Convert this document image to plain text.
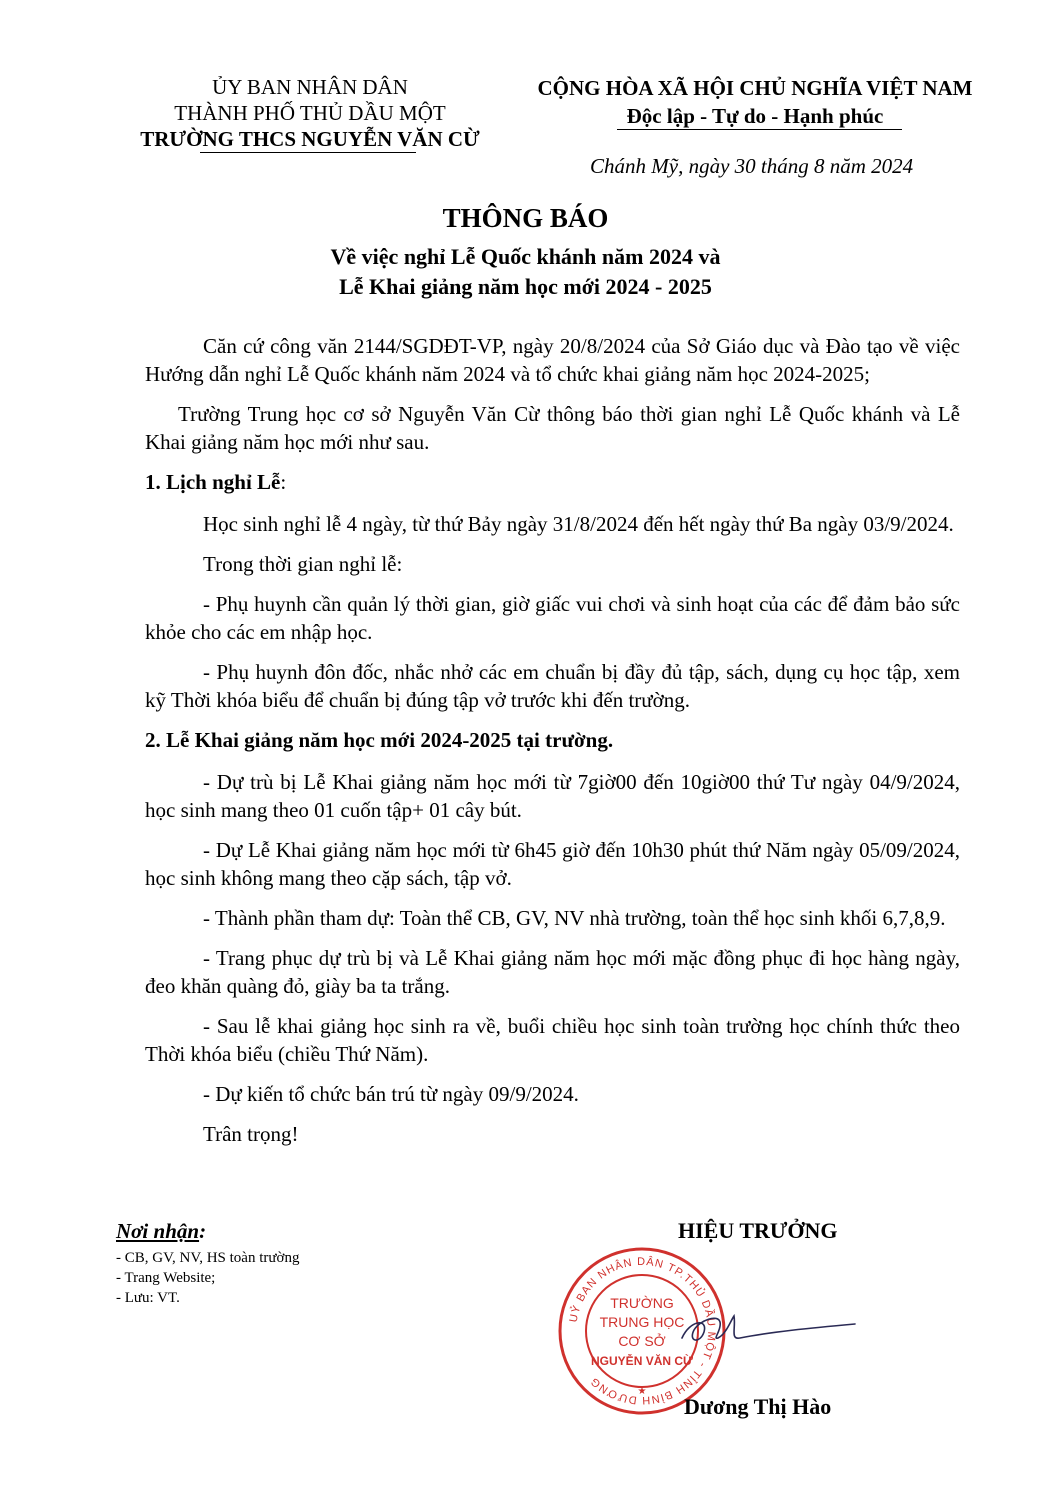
ỦY BAN NHÂN DÂN
THÀNH PHỐ THỦ DẦU MỘT
TRƯỜNG THCS NGUYỄN VĂN CỪ
CỘNG HÒA XÃ HỘI CHỦ NGHĨA VIỆT NAM
Độc lập - Tự do - Hạnh phúc
Chánh Mỹ, ngày 30 tháng 8 năm 2024
THÔNG BÁO
Về việc nghỉ Lễ Quốc khánh năm 2024 và
Lễ Khai giảng năm học mới 2024 - 2025

Căn cứ công văn 2144/SGDĐT-VP, ngày 20/8/2024 của Sở Giáo dục và Đào tạo về việc Hướng dẫn nghỉ Lễ Quốc khánh năm 2024 và tổ chức khai giảng năm học 2024-2025;

Trường Trung học cơ sở Nguyễn Văn Cừ thông báo thời gian nghỉ Lễ Quốc khánh và Lễ Khai giảng năm học mới như sau.

1. Lịch nghỉ Lễ:

Học sinh nghỉ lễ 4 ngày, từ thứ Bảy ngày 31/8/2024 đến hết ngày thứ Ba ngày 03/9/2024.

Trong thời gian nghỉ lễ:

- Phụ huynh cần quản lý thời gian, giờ giấc vui chơi và sinh hoạt của các để đảm bảo sức khỏe cho các em nhập học.

- Phụ huynh đôn đốc, nhắc nhở các em chuẩn bị đầy đủ tập, sách, dụng cụ học tập, xem kỹ Thời khóa biểu để chuẩn bị đúng tập vở trước khi đến trường.

2. Lễ Khai giảng năm học mới 2024-2025 tại trường.

- Dự trù bị Lễ Khai giảng năm học mới từ 7giờ00 đến 10giờ00 thứ Tư ngày 04/9/2024, học sinh mang theo 01 cuốn tập+ 01 cây bút.

- Dự Lễ Khai giảng năm học mới từ 6h45 giờ đến 10h30 phút thứ Năm ngày 05/09/2024, học sinh không mang theo cặp sách, tập vở.

- Thành phần tham dự: Toàn thể CB, GV, NV nhà trường, toàn thể học sinh khối 6,7,8,9.

- Trang phục dự trù bị và Lễ Khai giảng năm học mới mặc đồng phục đi học hàng ngày, đeo khăn quàng đỏ, giày ba ta trắng.

- Sau lễ khai giảng học sinh ra về, buổi chiều học sinh toàn trường học chính thức theo Thời khóa biểu (chiều Thứ Năm).

- Dự kiến tổ chức bán trú từ ngày 09/9/2024.

Trân trọng!

Nơi nhận:
- CB, GV, NV, HS toàn trường
- Trang Website;
- Lưu: VT.
HIỆU TRƯỞNG
UỶ BAN NHÂN DÂN TP.THỦ DẦU MỘT - TỈNH BÌNH DƯƠNG
TRƯỜNG
TRUNG HỌC
CƠ SỞ
NGUYỄN VĂN CỪ
★
Dương Thị Hào
